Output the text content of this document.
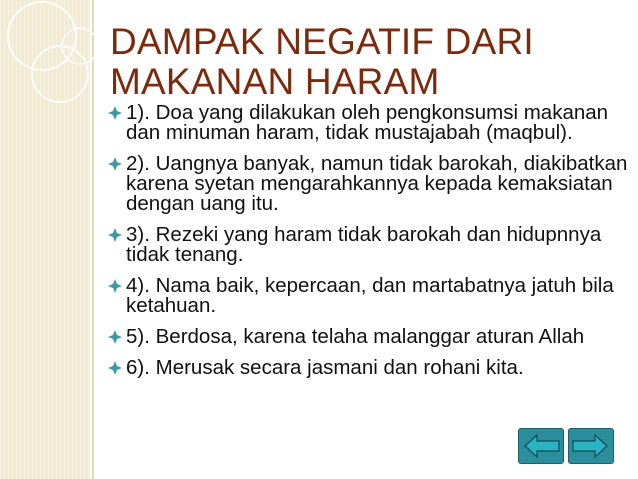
DAMPAK NEGATIF DARI MAKANAN HARAM
1). Doa yang dilakukan oleh pengkonsumsi makanan dan minuman haram, tidak mustajabah (maqbul).
2). Uangnya banyak, namun tidak barokah, diakibatkan karena syetan mengarahkannya kepada kemaksiatan dengan uang itu.
3). Rezeki yang haram tidak barokah dan hidupnnya tidak tenang.
4). Nama baik, kepercaan, dan martabatnya jatuh bila ketahuan.
5). Berdosa, karena telaha malanggar aturan Allah
6). Merusak secara jasmani dan rohani kita.
